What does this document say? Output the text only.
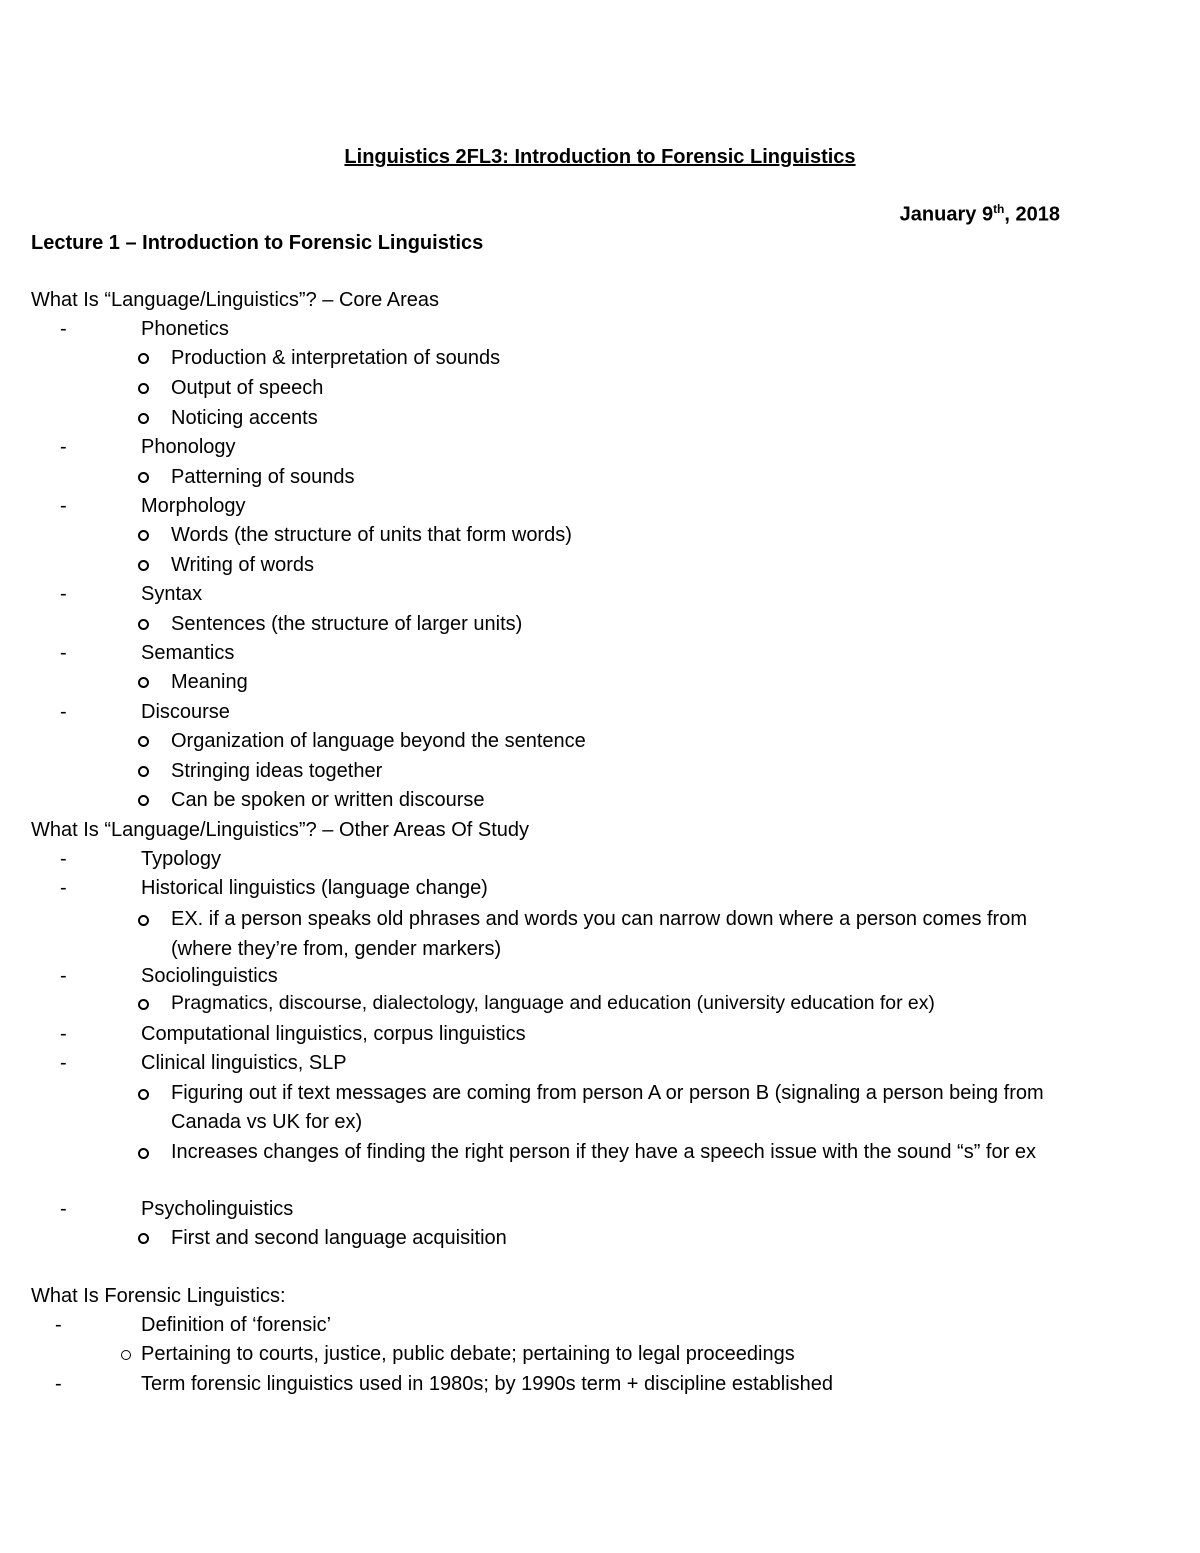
Linguistics 2FL3: Introduction to Forensic Linguistics
January 9th, 2018
Lecture 1 – Introduction to Forensic Linguistics
What Is “Language/Linguistics”? – Core Areas
-	Phonetics
Production & interpretation of sounds
Output of speech
Noticing accents
-	Phonology
Patterning of sounds
-	Morphology
Words (the structure of units that form words)
Writing of words
-	Syntax
Sentences (the structure of larger units)
-	Semantics
Meaning
-	Discourse
Organization of language beyond the sentence
Stringing ideas together
Can be spoken or written discourse
What Is “Language/Linguistics”? – Other Areas Of Study
-	Typology
-	Historical linguistics (language change)
EX. if a person speaks old phrases and words you can narrow down where a person comes from (where they’re from, gender markers)
-	Sociolinguistics
Pragmatics, discourse, dialectology, language and education (university education for ex)
-	Computational linguistics, corpus linguistics
-	Clinical linguistics, SLP
Figuring out if text messages are coming from person A or person B (signaling a person being from Canada vs UK for ex)
Increases changes of finding the right person if they have a speech issue with the sound “s” for ex
-	Psycholinguistics
First and second language acquisition
What Is Forensic Linguistics:
-	Definition of ‘forensic’
Pertaining to courts, justice, public debate; pertaining to legal proceedings
-	Term forensic linguistics used in 1980s; by 1990s term + discipline established
